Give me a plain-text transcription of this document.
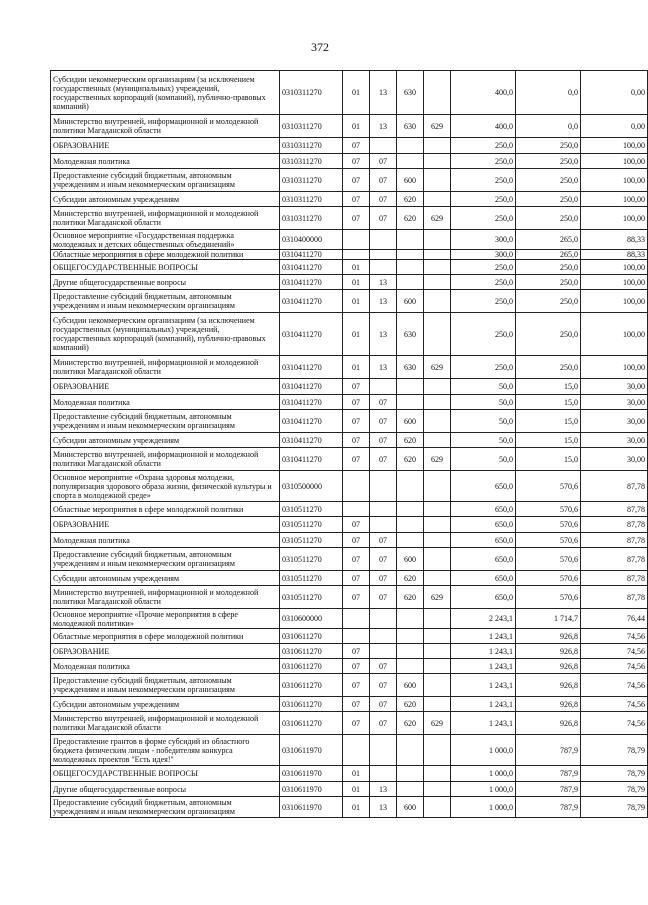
372
Субсидии некоммерческим организациям (за исключением государственных (муниципальных) учреждений, государственных корпораций (компаний), публично-правовых компаний)	0310311270	01	13	630		400,0	0,0	0,00
Министерство внутренней, информационной и молодежной политики Магаданской области	0310311270	01	13	630	629	400,0	0,0	0,00
ОБРАЗОВАНИЕ	0310311270	07				250,0	250,0	100,00
Молодежная политика	0310311270	07	07			250,0	250,0	100,00
Предоставление субсидий бюджетным, автономным учреждениям и иным некоммерческим организациям	0310311270	07	07	600		250,0	250,0	100,00
Субсидии автономным учреждениям	0310311270	07	07	620		250,0	250,0	100,00
Министерство внутренней, информационной и молодежной политики Магаданской области	0310311270	07	07	620	629	250,0	250,0	100,00
Основное мероприятие «Государственная поддержка молодежных и детских общественных объединений»	0310400000					300,0	265,0	88,33
Областные мероприятия в сфере молодежной политики	0310411270					300,0	265,0	88,33
ОБЩЕГОСУДАРСТВЕННЫЕ ВОПРОСЫ	0310411270	01				250,0	250,0	100,00
Другие общегосударственные вопросы	0310411270	01	13			250,0	250,0	100,00
Предоставление субсидий бюджетным, автономным учреждениям и иным некоммерческим организациям	0310411270	01	13	600		250,0	250,0	100,00
Субсидии некоммерческим организациям (за исключением государственных (муниципальных) учреждений, государственных корпораций (компаний), публично-правовых компаний)	0310411270	01	13	630		250,0	250,0	100,00
Министерство внутренней, информационной и молодежной политики Магаданской области	0310411270	01	13	630	629	250,0	250,0	100,00
ОБРАЗОВАНИЕ	0310411270	07				50,0	15,0	30,00
Молодежная политика	0310411270	07	07			50,0	15,0	30,00
Предоставление субсидий бюджетным, автономным учреждениям и иным некоммерческим организациям	0310411270	07	07	600		50,0	15,0	30,00
Субсидии автономным учреждениям	0310411270	07	07	620		50,0	15,0	30,00
Министерство внутренней, информационной и молодежной политики Магаданской области	0310411270	07	07	620	629	50,0	15,0	30,00
Основное мероприятие «Охрана здоровья молодежи, популяризация здорового образа жизни, физической культуры и спорта в молодежной среде»	0310500000					650,0	570,6	87,78
Областные мероприятия в сфере молодежной политики	0310511270					650,0	570,6	87,78
ОБРАЗОВАНИЕ	0310511270	07				650,0	570,6	87,78
Молодежная политика	0310511270	07	07			650,0	570,6	87,78
Предоставление субсидий бюджетным, автономным учреждениям и иным некоммерческим организациям	0310511270	07	07	600		650,0	570,6	87,78
Субсидии автономным учреждениям	0310511270	07	07	620		650,0	570,6	87,78
Министерство внутренней, информационной и молодежной политики Магаданской области	0310511270	07	07	620	629	650,0	570,6	87,78
Основное мероприятие «Прочие мероприятия в сфере молодежной политики»	0310600000					2 243,1	1 714,7	76,44
Областные мероприятия в сфере молодежной политики	0310611270					1 243,1	926,8	74,56
ОБРАЗОВАНИЕ	0310611270	07				1 243,1	926,8	74,56
Молодежная политика	0310611270	07	07			1 243,1	926,8	74,56
Предоставление субсидий бюджетным, автономным учреждениям и иным некоммерческим организациям	0310611270	07	07	600		1 243,1	926,8	74,56
Субсидии автономным учреждениям	0310611270	07	07	620		1 243,1	926,8	74,56
Министерство внутренней, информационной и молодежной политики Магаданской области	0310611270	07	07	620	629	1 243,1	926,8	74,56
Предоставление грантов в форме субсидий из областного бюджета физическим лицам - победителям конкурса молодежных проектов "Есть идея!"	0310611970					1 000,0	787,9	78,79
ОБЩЕГОСУДАРСТВЕННЫЕ ВОПРОСЫ	0310611970	01				1 000,0	787,9	78,79
Другие общегосударственные вопросы	0310611970	01	13			1 000,0	787,9	78,79
Предоставление субсидий бюджетным, автономным учреждениям и иным некоммерческим организациям	0310611970	01	13	600		1 000,0	787,9	78,79
